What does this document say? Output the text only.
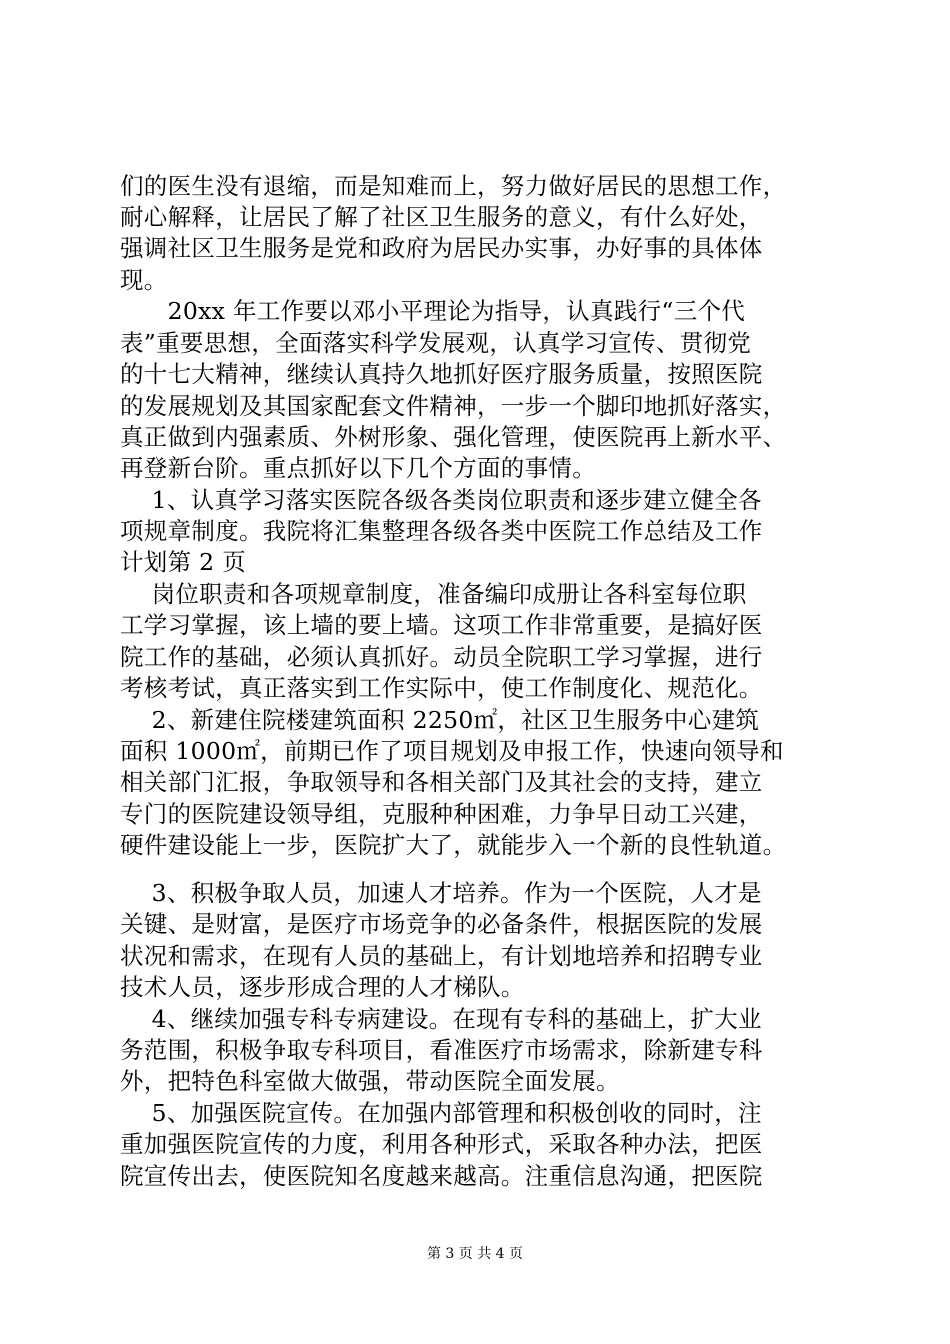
们的医生没有退缩，而是知难而上，努力做好居民的思想工作，
耐心解释，让居民了解了社区卫生服务的意义，有什么好处，
强调社区卫生服务是党和政府为居民办实事，办好事的具体体
现。
　　20xx 年工作要以邓小平理论为指导，认真践行“三个代
表”重要思想，全面落实科学发展观，认真学习宣传、贯彻党
的十七大精神，继续认真持久地抓好医疗服务质量，按照医院
的发展规划及其国家配套文件精神，一步一个脚印地抓好落实，
真正做到内强素质、外树形象、强化管理，使医院再上新水平、
再登新台阶。重点抓好以下几个方面的事情。
　 1、认真学习落实医院各级各类岗位职责和逐步建立健全各
项规章制度。我院将汇集整理各级各类中医院工作总结及工作
计划第 2 页
　 岗位职责和各项规章制度，准备编印成册让各科室每位职
工学习掌握，该上墙的要上墙。这项工作非常重要，是搞好医
院工作的基础，必须认真抓好。动员全院职工学习掌握，进行
考核考试，真正落实到工作实际中，使工作制度化、规范化。
　 2、新建住院楼建筑面积 2250㎡，社区卫生服务中心建筑
面积 1000㎡，前期已作了项目规划及申报工作，快速向领导和
相关部门汇报，争取领导和各相关部门及其社会的支持，建立
专门的医院建设领导组，克服种种困难，力争早日动工兴建，
硬件建设能上一步，医院扩大了，就能步入一个新的良性轨道。
　 3、积极争取人员，加速人才培养。作为一个医院，人才是
关键、是财富，是医疗市场竞争的必备条件，根据医院的发展
状况和需求，在现有人员的基础上，有计划地培养和招聘专业
技术人员，逐步形成合理的人才梯队。
　 4、继续加强专科专病建设。在现有专科的基础上，扩大业
务范围，积极争取专科项目，看准医疗市场需求，除新建专科
外，把特色科室做大做强，带动医院全面发展。
　 5、加强医院宣传。在加强内部管理和积极创收的同时，注
重加强医院宣传的力度，利用各种形式，采取各种办法，把医
院宣传出去，使医院知名度越来越高。注重信息沟通，把医院
第 3 页 共 4 页
